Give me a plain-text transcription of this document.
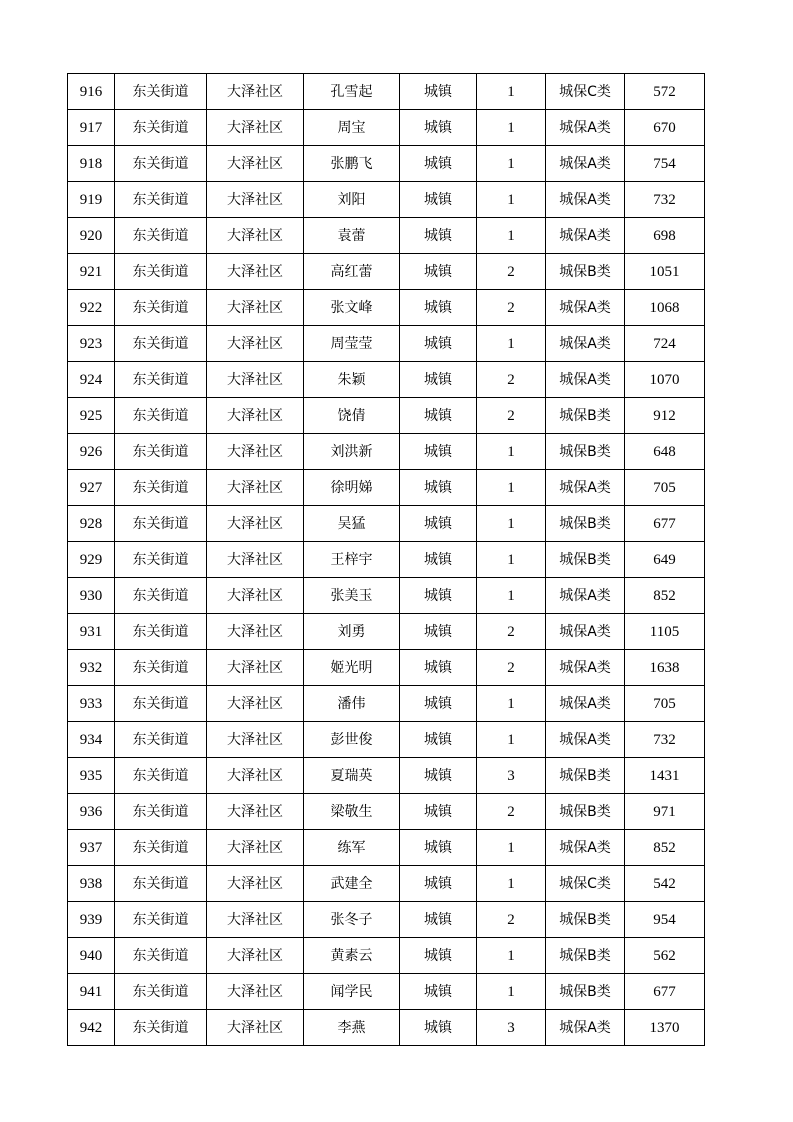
916	东关街道	大泽社区	孔雪起	城镇	1	城保C类	572
917	东关街道	大泽社区	周宝	城镇	1	城保A类	670
918	东关街道	大泽社区	张鹏飞	城镇	1	城保A类	754
919	东关街道	大泽社区	刘阳	城镇	1	城保A类	732
920	东关街道	大泽社区	袁蕾	城镇	1	城保A类	698
921	东关街道	大泽社区	高红蕾	城镇	2	城保B类	1051
922	东关街道	大泽社区	张文峰	城镇	2	城保A类	1068
923	东关街道	大泽社区	周莹莹	城镇	1	城保A类	724
924	东关街道	大泽社区	朱颖	城镇	2	城保A类	1070
925	东关街道	大泽社区	饶倩	城镇	2	城保B类	912
926	东关街道	大泽社区	刘洪新	城镇	1	城保B类	648
927	东关街道	大泽社区	徐明娣	城镇	1	城保A类	705
928	东关街道	大泽社区	吴猛	城镇	1	城保B类	677
929	东关街道	大泽社区	王梓宇	城镇	1	城保B类	649
930	东关街道	大泽社区	张美玉	城镇	1	城保A类	852
931	东关街道	大泽社区	刘勇	城镇	2	城保A类	1105
932	东关街道	大泽社区	姬光明	城镇	2	城保A类	1638
933	东关街道	大泽社区	潘伟	城镇	1	城保A类	705
934	东关街道	大泽社区	彭世俊	城镇	1	城保A类	732
935	东关街道	大泽社区	夏瑞英	城镇	3	城保B类	1431
936	东关街道	大泽社区	梁敬生	城镇	2	城保B类	971
937	东关街道	大泽社区	练军	城镇	1	城保A类	852
938	东关街道	大泽社区	武建全	城镇	1	城保C类	542
939	东关街道	大泽社区	张冬子	城镇	2	城保B类	954
940	东关街道	大泽社区	黄素云	城镇	1	城保B类	562
941	东关街道	大泽社区	闻学民	城镇	1	城保B类	677
942	东关街道	大泽社区	李燕	城镇	3	城保A类	1370
